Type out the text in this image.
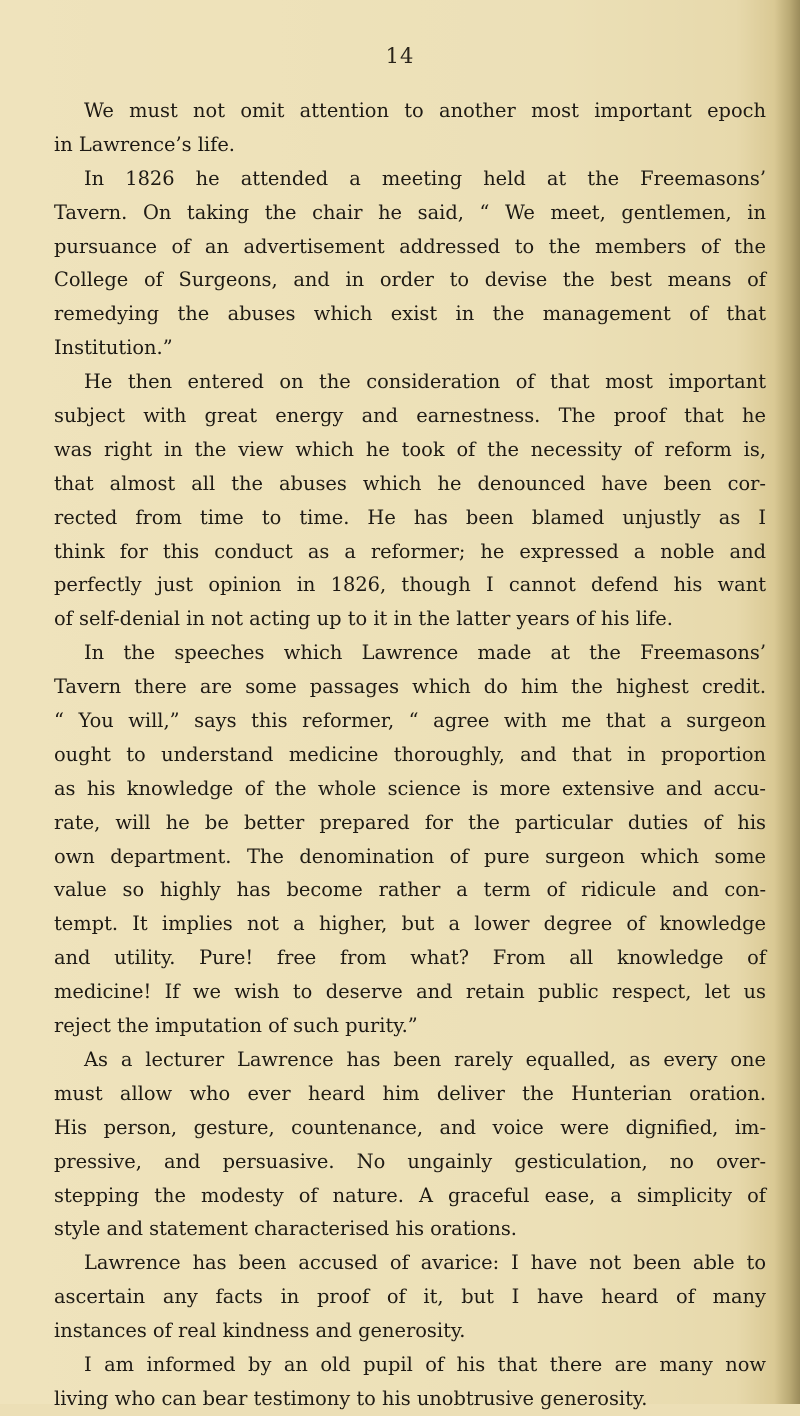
14
We must not omit attention to another most important epoch
in Lawrence’s life.
In 1826 he attended a meeting held at the Freemasons’
Tavern. On taking the chair he said, “ We meet, gentlemen, in
pursuance of an advertisement addressed to the members of the
College of Surgeons, and in order to devise the best means of
remedying the abuses which exist in the management of that
Institution.”
He then entered on the consideration of that most important
subject with great energy and earnestness. The proof that he
was right in the view which he took of the necessity of reform is,
that almost all the abuses which he denounced have been cor-
rected from time to time. He has been blamed unjustly as I
think for this conduct as a reformer; he expressed a noble and
perfectly just opinion in 1826, though I cannot defend his want
of self-denial in not acting up to it in the latter years of his life.
In the speeches which Lawrence made at the Freemasons’
Tavern there are some passages which do him the highest credit.
“ You will,” says this reformer, “ agree with me that a surgeon
ought to understand medicine thoroughly, and that in proportion
as his knowledge of the whole science is more extensive and accu-
rate, will he be better prepared for the particular duties of his
own department. The denomination of pure surgeon which some
value so highly has become rather a term of ridicule and con-
tempt. It implies not a higher, but a lower degree of knowledge
and utility. Pure! free from what? From all knowledge of
medicine! If we wish to deserve and retain public respect, let us
reject the imputation of such purity.”
As a lecturer Lawrence has been rarely equalled, as every one
must allow who ever heard him deliver the Hunterian oration.
His person, gesture, countenance, and voice were dignified, im-
pressive, and persuasive. No ungainly gesticulation, no over-
stepping the modesty of nature. A graceful ease, a simplicity of
style and statement characterised his orations.
Lawrence has been accused of avarice: I have not been able to
ascertain any facts in proof of it, but I have heard of many
instances of real kindness and generosity.
I am informed by an old pupil of his that there are many now
living who can bear testimony to his unobtrusive generosity.
